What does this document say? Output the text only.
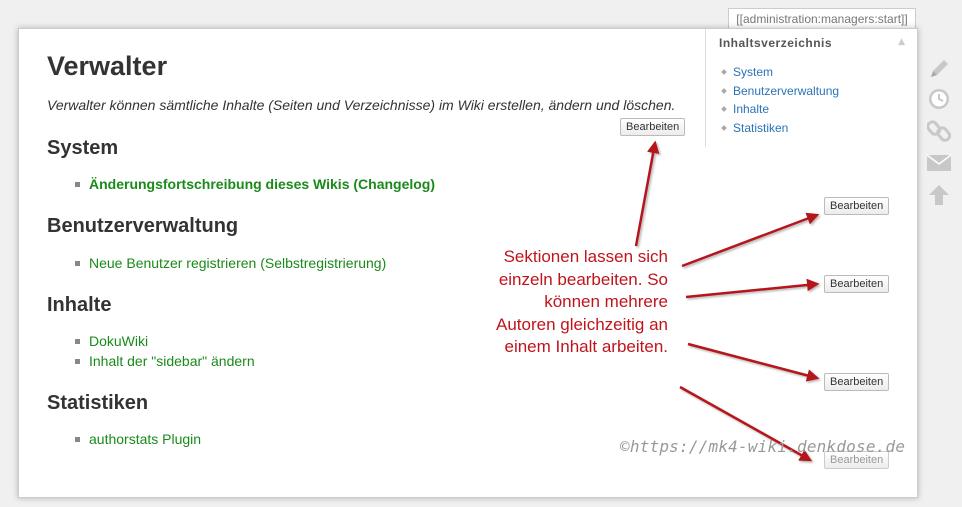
[[administration:managers:start]]
Verwalter

Verwalter können sämtliche Inhalte (Seiten und Verzeichnisse) im Wiki erstellen, ändern und löschen.

Bearbeiten
System
Änderungsfortschreibung dieses Wikis (Changelog)
Bearbeiten
Benutzerverwaltung
Neue Benutzer registrieren (Selbstregistrierung)
Bearbeiten
Inhalte
DokuWiki
Inhalt der "sidebar" ändern
Bearbeiten
Statistiken
authorstats Plugin
Bearbeiten
Inhaltsverzeichnis	▲
System
Benutzerverwaltung
Inhalte
Statistiken
Sektionen lassen sich
einzeln bearbeiten. So
können mehrere
Autoren gleichzeitig an
einem Inhalt arbeiten.
©https://mk4-wiki.denkdose.de
